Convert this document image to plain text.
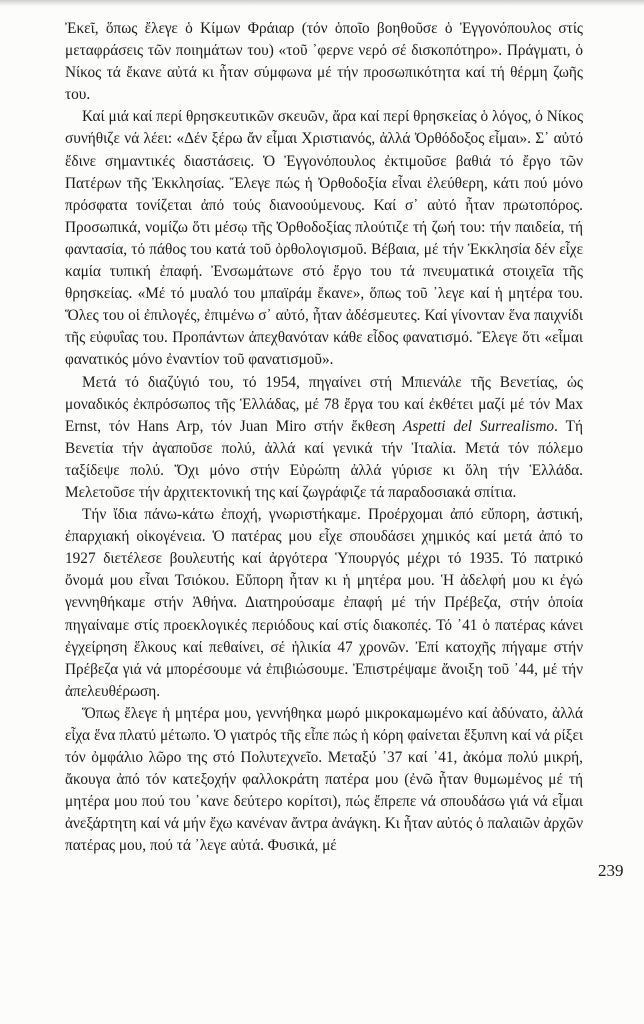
Ἐκεῖ, ὅπως ἔλεγε ὁ Κίμων Φράιαρ (τόν ὁποῖο βοηθοῦσε ὁ Ἐγγονόπουλος στίς μεταφράσεις τῶν ποιημάτων του) «τοῦ ᾽φερνε νερό σέ δισκοπότηρο». Πράγματι, ὁ Νίκος τά ἔκανε αὐτά κι ἦταν σύμφωνα μέ τήν προσωπικότητα καί τή θέρμη ζωῆς του.

Καί μιά καί περί θρησκευτικῶν σκευῶν, ἄρα καί περί θρησκείας ὁ λόγος, ὁ Νίκος συνήθιζε νά λέει: «Δέν ξέρω ἄν εἶμαι Χριστιανός, ἀλλά Ὀρθόδοξος εἶμαι». Σ᾽ αὐτό ἔδινε σημαντικές διαστάσεις. Ὁ Ἐγγονόπουλος ἐκτιμοῦσε βαθιά τό ἔργο τῶν Πατέρων τῆς Ἐκκλησίας. Ἔλεγε πώς ἡ Ὀρθοδοξία εἶναι ἐλεύθερη, κάτι πού μόνο πρόσφατα τονίζεται ἀπό τούς διανοούμενους. Καί σ᾽ αὐτό ἦταν πρωτοπόρος. Προσωπικά, νομίζω ὅτι μέσῳ τῆς Ὀρθοδοξίας πλούτιζε τή ζωή του: τήν παιδεία, τή φαντασία, τό πάθος του κατά τοῦ ὀρθολογισμοῦ. Βέβαια, μέ τήν Ἐκκλησία δέν εἶχε καμία τυπική ἐπαφή. Ἐνσωμάτωνε στό ἔργο του τά πνευματικά στοιχεῖα τῆς θρησκείας. «Μέ τό μυαλό του μπαϊράμ ἔκανε», ὅπως τοῦ ᾽λεγε καί ἡ μητέρα του. Ὅλες του οἱ ἐπιλογές, ἐπιμένω σ᾽ αὐτό, ἦταν ἀδέσμευτες. Καί γίνονταν ἕνα παιχνίδι τῆς εὐφυΐας του. Προπάντων ἀπεχθανόταν κάθε εἶδος φανατισμό. Ἔλεγε ὅτι «εἶμαι φανατικός μόνο ἐναντίον τοῦ φανατισμοῦ».

Μετά τό διαζύγιό του, τό 1954, πηγαίνει στή Μπιενάλε τῆς Βενετίας, ὡς μοναδικός ἐκπρόσωπος τῆς Ἑλλάδας, μέ 78 ἔργα του καί ἐκθέτει μαζί μέ τόν Max Ernst, τόν Hans Arp, τόν Juan Miro στήν ἔκθεση Aspetti del Surrealismo. Τή Βενετία τήν ἀγαποῦσε πολύ, ἀλλά καί γενικά τήν Ἰταλία. Μετά τόν πόλεμο ταξίδεψε πολύ. Ὄχι μόνο στήν Εὐρώπη ἀλλά γύρισε κι ὅλη τήν Ἑλλάδα. Μελετοῦσε τήν ἀρχιτεκτονική της καί ζωγράφιζε τά παραδοσιακά σπίτια.

Τήν ἴδια πάνω-κάτω ἐποχή, γνωριστήκαμε. Προέρχομαι ἀπό εὔπορη, ἀστική, ἐπαρχιακή οἰκογένεια. Ὁ πατέρας μου εἶχε σπουδάσει χημικός καί μετά ἀπό το 1927 διετέλεσε βουλευτής καί ἀργότερα Ὑπουργός μέχρι τό 1935. Τό πατρικό ὄνομά μου εἶναι Τσιόκου. Εὔπορη ἦταν κι ἡ μητέρα μου. Ἡ ἀδελφή μου κι ἐγώ γεννηθήκαμε στήν Ἀθήνα. Διατηρούσαμε ἐπαφή μέ τήν Πρέβεζα, στήν ὁποία πηγαίναμε στίς προεκλογικές περιόδους καί στίς διακοπές. Τό ᾽41 ὁ πατέρας κάνει ἐγχείρηση ἕλκους καί πεθαίνει, σέ ἡλικία 47 χρονῶν. Ἐπί κατοχῆς πήγαμε στήν Πρέβεζα γιά νά μπορέσουμε νά ἐπιβιώσουμε. Ἐπιστρέψαμε ἄνοιξη τοῦ ᾽44, μέ τήν ἀπελευθέρωση.

Ὅπως ἔλεγε ἡ μητέρα μου, γεννήθηκα μωρό μικροκαμωμένο καί ἀδύνατο, ἀλλά εἶχα ἕνα πλατύ μέτωπο. Ὁ γιατρός τῆς εἶπε πώς ἡ κόρη φαίνεται ἔξυπνη καί νά ρίξει τόν ὀμφάλιο λῶρο της στό Πολυτεχνεῖο. Μεταξύ ᾽37 καί ᾽41, ἀκόμα πολύ μικρή, ἄκουγα ἀπό τόν κατεξοχήν φαλλοκράτη πατέρα μου (ἐνῶ ἦταν θυμωμένος μέ τή μητέρα μου πού του ᾽κανε δεύτερο κορίτσι), πώς ἔπρεπε νά σπουδάσω γιά νά εἶμαι ἀνεξάρτητη καί νά μήν ἔχω κανέναν ἄντρα ἀνάγκη. Κι ἦταν αὐτός ὁ παλαιῶν ἀρχῶν πατέρας μου, πού τά ᾽λεγε αὐτά. Φυσικά, μέ

239
